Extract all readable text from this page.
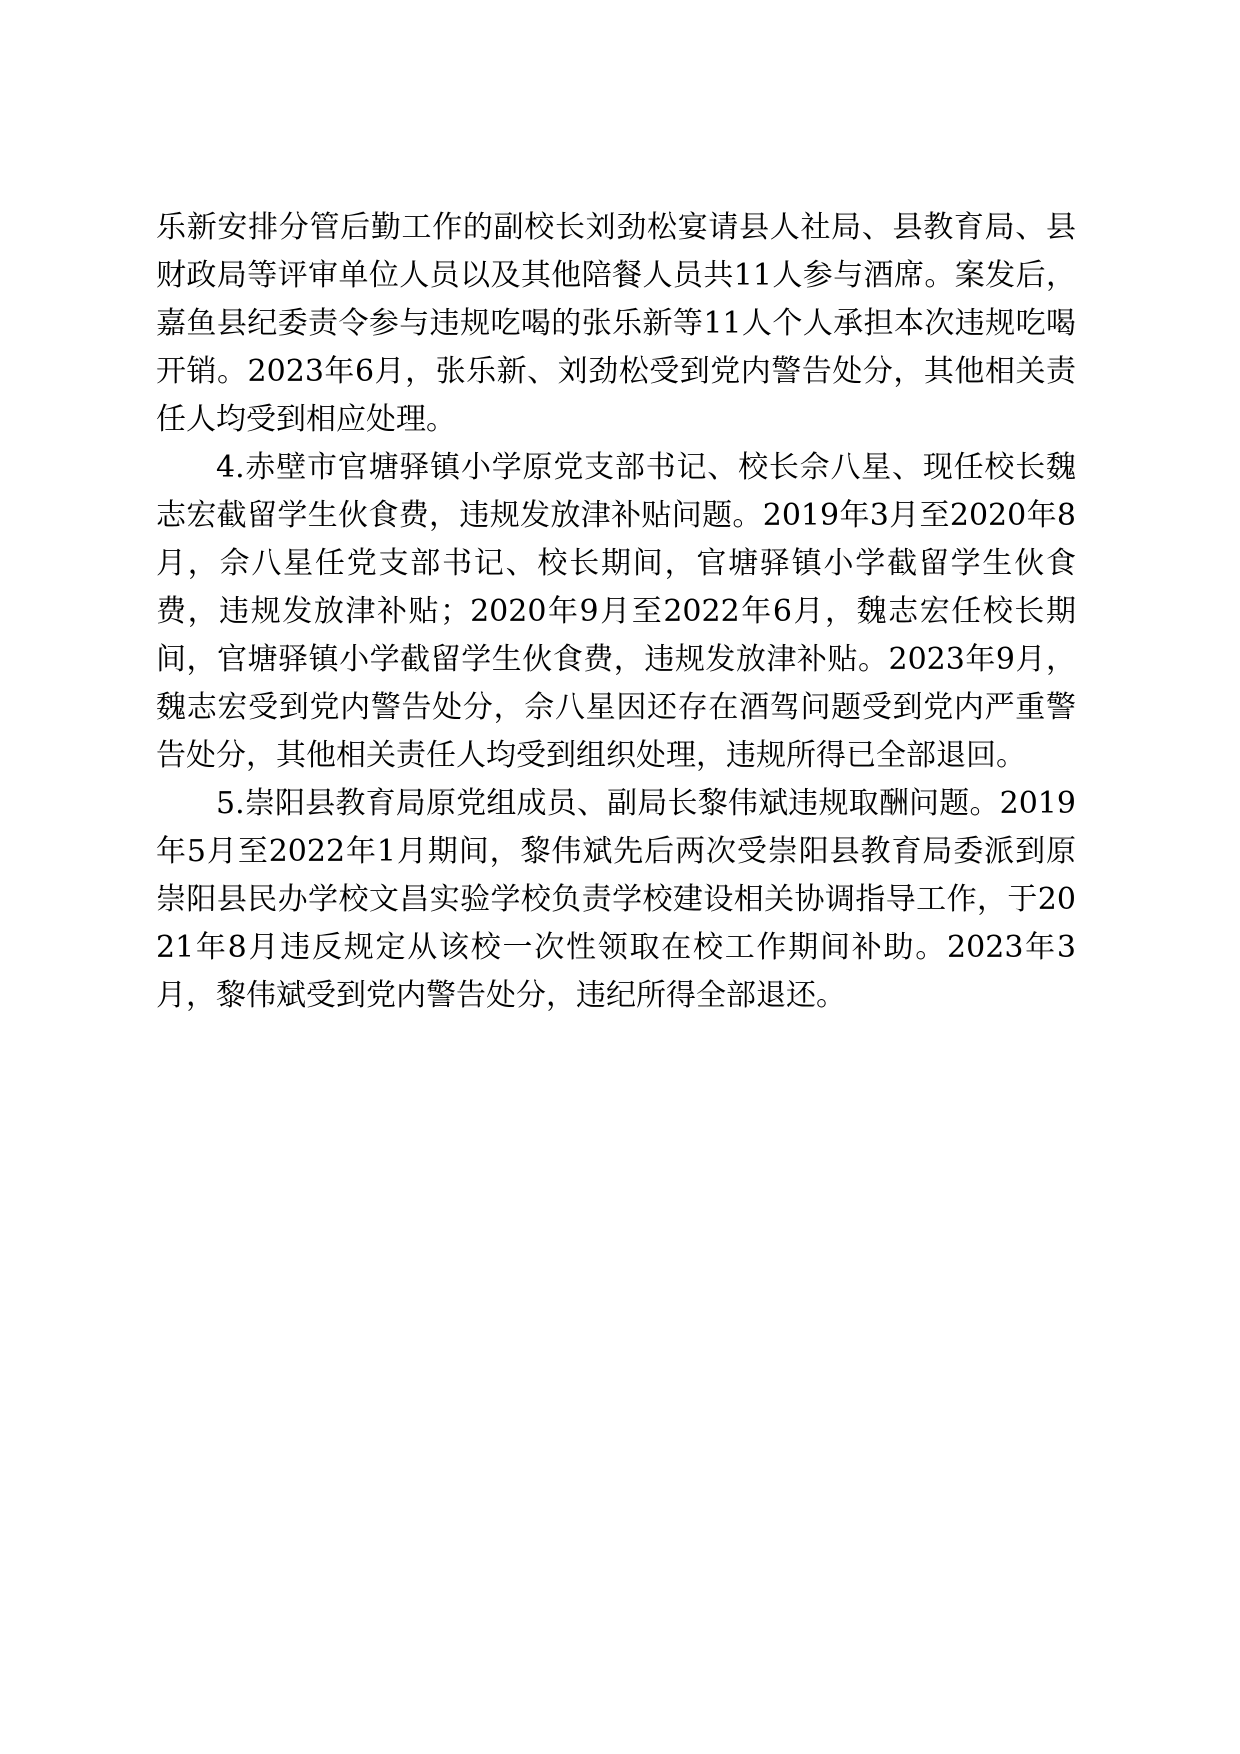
乐新安排分管后勤工作的副校长刘劲松宴请县人社局、县教育局、县财政局等评审单位人员以及其他陪餐人员共11人参与酒席。案发后，嘉鱼县纪委责令参与违规吃喝的张乐新等11人个人承担本次违规吃喝开销。2023年6月，张乐新、刘劲松受到党内警告处分，其他相关责任人均受到相应处理。

4.赤壁市官塘驿镇小学原党支部书记、校长佘八星、现任校长魏志宏截留学生伙食费，违规发放津补贴问题。2019年3月至2020年8月，佘八星任党支部书记、校长期间，官塘驿镇小学截留学生伙食费，违规发放津补贴；2020年9月至2022年6月，魏志宏任校长期间，官塘驿镇小学截留学生伙食费，违规发放津补贴。2023年9月，魏志宏受到党内警告处分，佘八星因还存在酒驾问题受到党内严重警告处分，其他相关责任人均受到组织处理，违规所得已全部退回。

5.崇阳县教育局原党组成员、副局长黎伟斌违规取酬问题。2019年5月至2022年1月期间，黎伟斌先后两次受崇阳县教育局委派到原崇阳县民办学校文昌实验学校负责学校建设相关协调指导工作，于2021年8月违反规定从该校一次性领取在校工作期间补助。2023年3月，黎伟斌受到党内警告处分，违纪所得全部退还。
